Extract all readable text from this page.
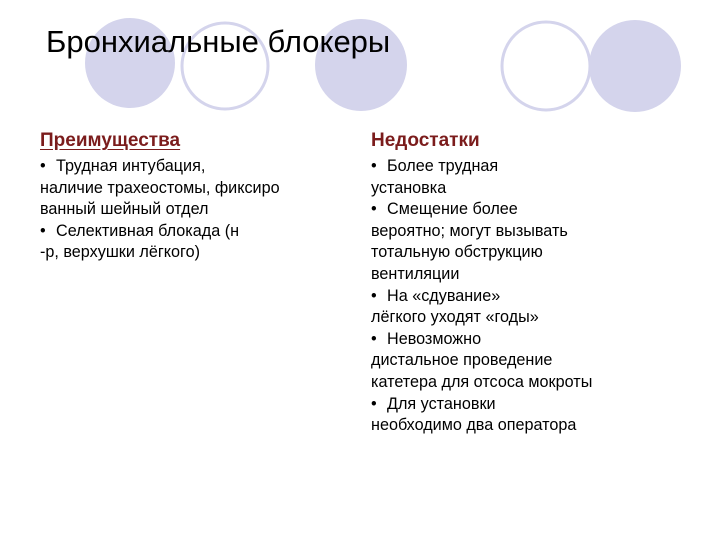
Бронхиальные блокеры
Преимущества	Недостатки
• Трудная интубация,
наличие трахеостомы, фиксиро
ванный шейный отдел
• Селективная блокада (н
-р, верхушки лёгкого)
• Более трудная
установка
• Смещение более
вероятно; могут вызывать
тотальную обструкцию
вентиляции
• На «сдувание»
лёгкого уходят «годы»
• Невозможно
дистальное проведение
катетера для отсоса мокроты
• Для установки
необходимо два оператора
